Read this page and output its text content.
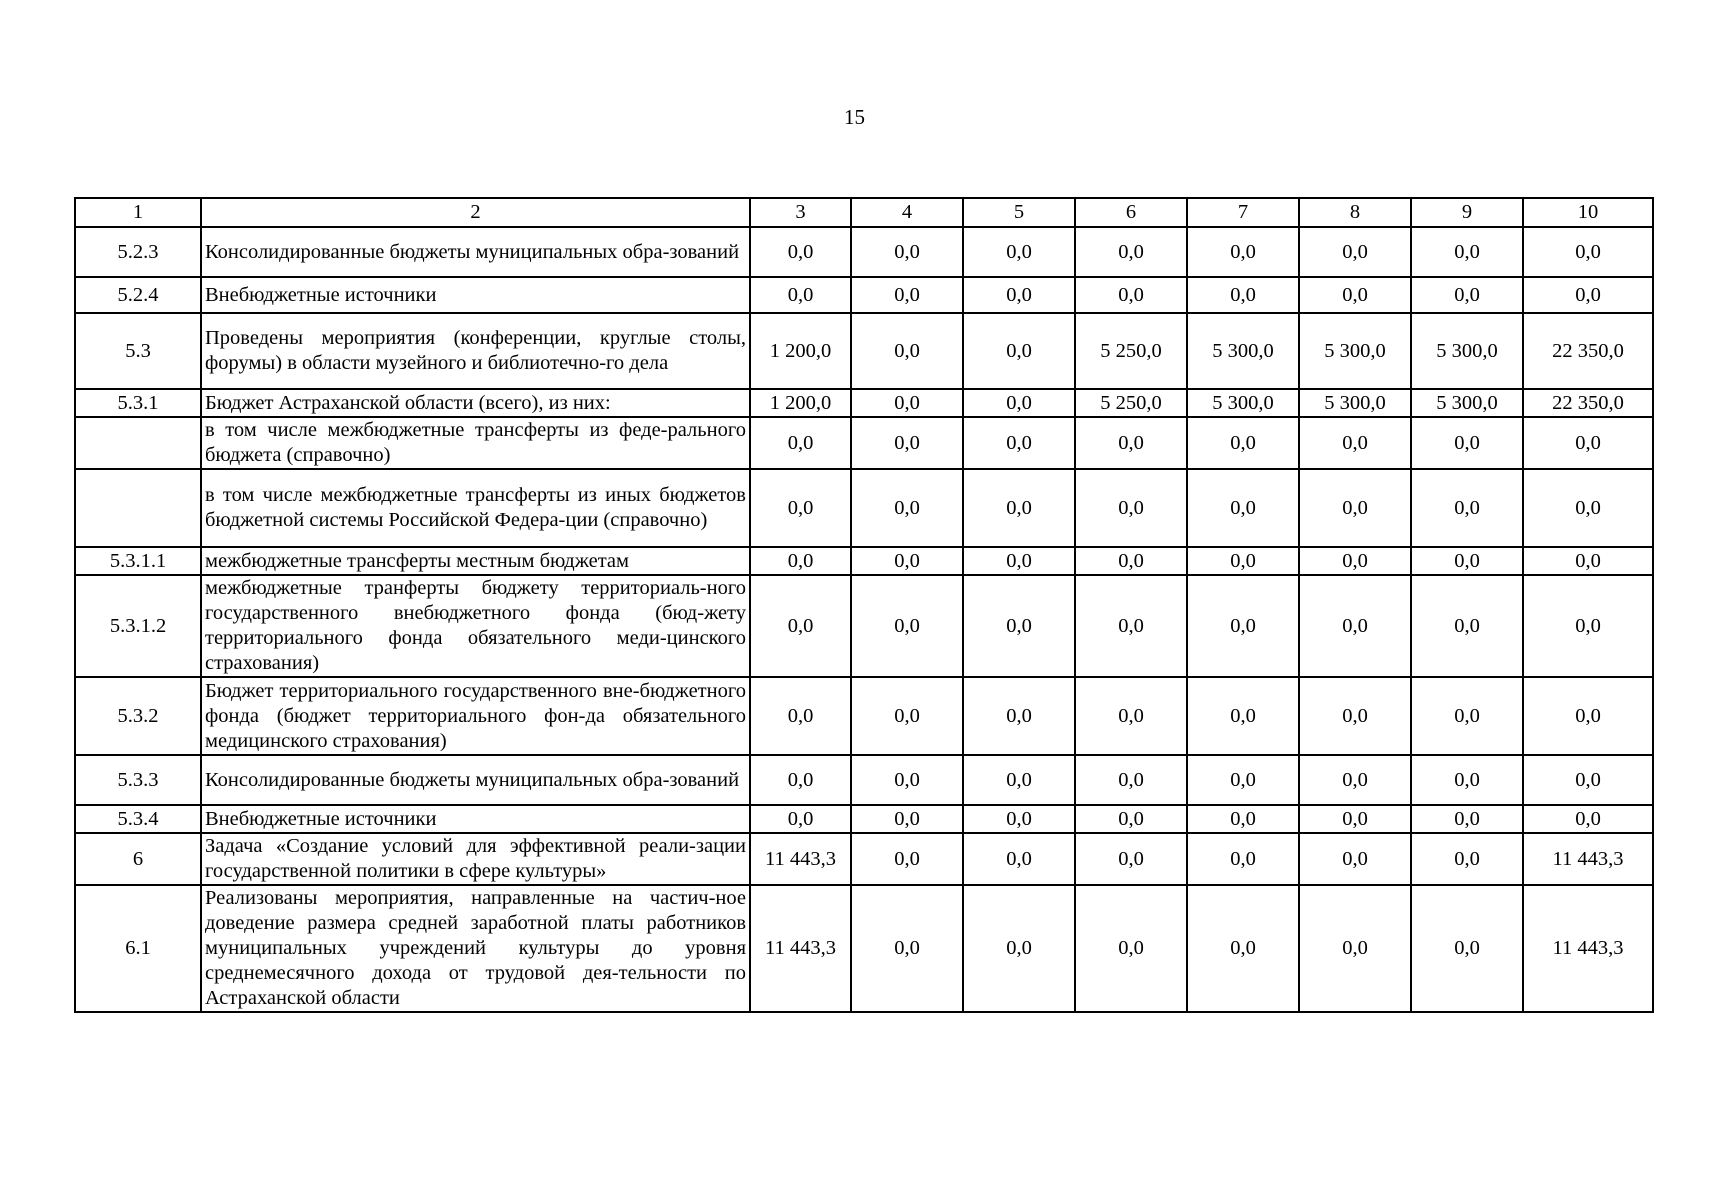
15
1	2	3	4	5	6	7	8	9	10
5.2.3	Консолидированные бюджеты муниципальных обра-зований	0,0	0,0	0,0	0,0	0,0	0,0	0,0	0,0
5.2.4	Внебюджетные источники	0,0	0,0	0,0	0,0	0,0	0,0	0,0	0,0
5.3	Проведены мероприятия (конференции, круглые столы, форумы) в области музейного и библиотечно-го дела	1 200,0	0,0	0,0	5 250,0	5 300,0	5 300,0	5 300,0	22 350,0
5.3.1	Бюджет Астраханской области (всего), из них:	1 200,0	0,0	0,0	5 250,0	5 300,0	5 300,0	5 300,0	22 350,0
	в том числе межбюджетные трансферты из феде-рального бюджета (справочно)	0,0	0,0	0,0	0,0	0,0	0,0	0,0	0,0
	в том числе межбюджетные трансферты из иных бюджетов бюджетной системы Российской Федера-ции (справочно)	0,0	0,0	0,0	0,0	0,0	0,0	0,0	0,0
5.3.1.1	межбюджетные трансферты местным бюджетам	0,0	0,0	0,0	0,0	0,0	0,0	0,0	0,0
5.3.1.2	межбюджетные транферты бюджету территориаль-ного государственного внебюджетного фонда (бюд-жету территориального фонда обязательного меди-цинского страхования)	0,0	0,0	0,0	0,0	0,0	0,0	0,0	0,0
5.3.2	Бюджет территориального государственного вне-бюджетного фонда (бюджет территориального фон-да обязательного медицинского страхования)	0,0	0,0	0,0	0,0	0,0	0,0	0,0	0,0
5.3.3	Консолидированные бюджеты муниципальных обра-зований	0,0	0,0	0,0	0,0	0,0	0,0	0,0	0,0
5.3.4	Внебюджетные источники	0,0	0,0	0,0	0,0	0,0	0,0	0,0	0,0
6	Задача «Создание условий для эффективной реали-зации государственной политики в сфере культуры»	11 443,3	0,0	0,0	0,0	0,0	0,0	0,0	11 443,3
6.1	Реализованы мероприятия, направленные на частич-ное доведение размера средней заработной платы работников муниципальных учреждений культуры до уровня среднемесячного дохода от трудовой дея-тельности по Астраханской области	11 443,3	0,0	0,0	0,0	0,0	0,0	0,0	11 443,3
